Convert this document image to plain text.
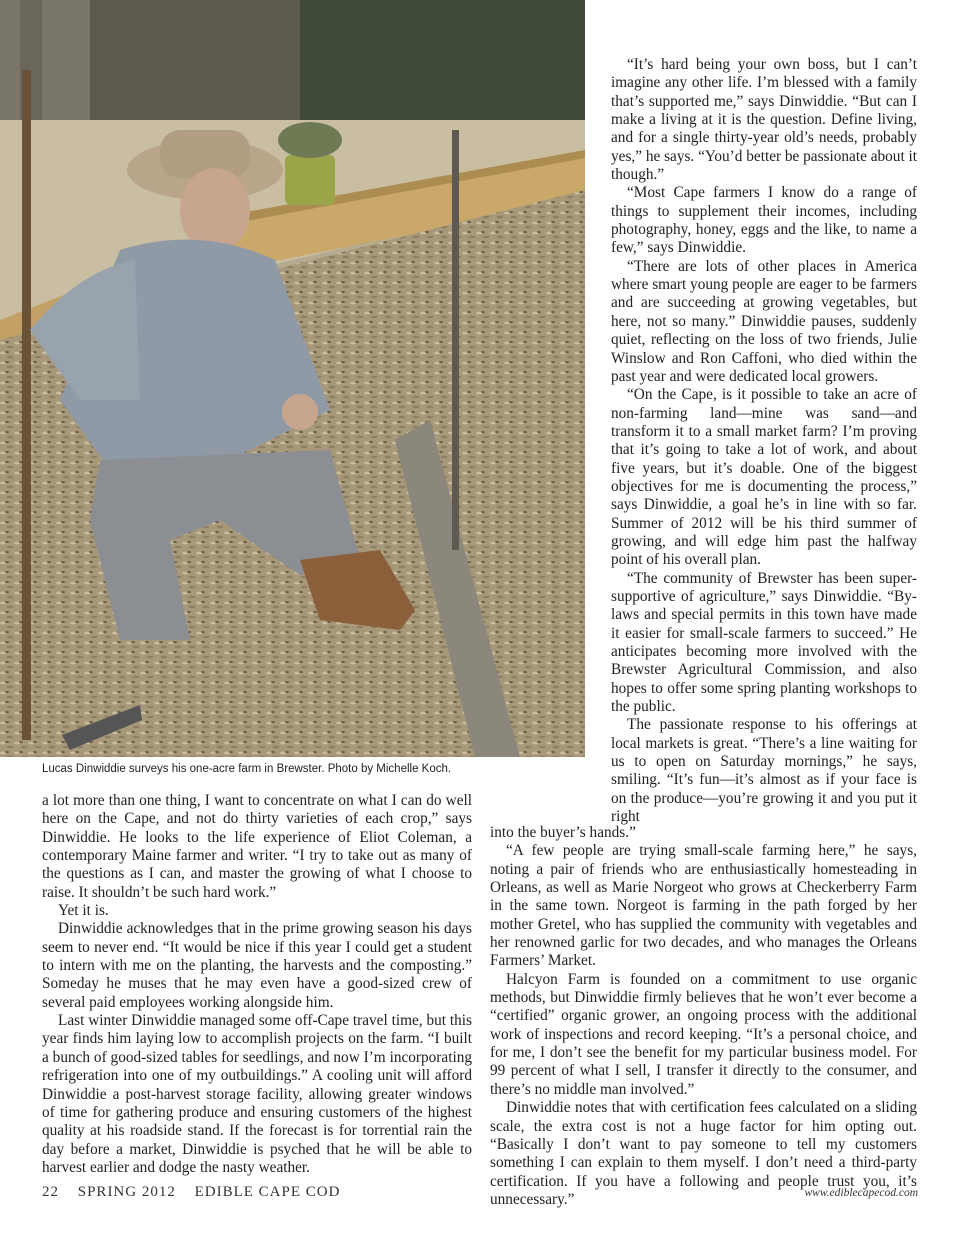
Lucas Dinwiddie surveys his one-acre farm in Brewster. Photo by Michelle Koch.

“It’s hard being your own boss, but I can’t imagine any other life. I’m blessed with a family that’s supported me,” says Dinwiddie. “But can I make a living at it is the question. Define living, and for a single thirty-year old’s needs, probably yes,” he says. “You’d better be passionate about it though.”

“Most Cape farmers I know do a range of things to supplement their incomes, including photography, honey, eggs and the like, to name a few,” says Dinwiddie.

“There are lots of other places in America where smart young people are eager to be farmers and are succeeding at growing vegetables, but here, not so many.” Dinwiddie pauses, suddenly quiet, reflecting on the loss of two friends, Julie Winslow and Ron Caffoni, who died within the past year and were dedicated local growers.

“On the Cape, is it possible to take an acre of non-farming land—mine was sand—and transform it to a small market farm? I’m proving that it’s going to take a lot of work, and about five years, but it’s doable. One of the biggest objectives for me is documenting the process,” says Dinwiddie, a goal he’s in line with so far. Summer of 2012 will be his third summer of growing, and will edge him past the halfway point of his overall plan.

“The community of Brewster has been super-supportive of agriculture,” says Dinwiddie. “By-laws and special permits in this town have made it easier for small-scale farmers to succeed.” He anticipates becoming more involved with the Brewster Agricultural Commission, and also hopes to offer some spring planting workshops to the public.

The passionate response to his offerings at local markets is great. “There’s a line waiting for us to open on Saturday mornings,” he says, smiling. “It’s fun—it’s almost as if your face is on the produce—you’re growing it and you put it right

into the buyer’s hands.”

“A few people are trying small-scale farming here,” he says, noting a pair of friends who are enthusiastically homesteading in Orleans, as well as Marie Norgeot who grows at Checkerberry Farm in the same town. Norgeot is farming in the path forged by her mother Gretel, who has supplied the community with vegetables and her renowned garlic for two decades, and who manages the Orleans Farmers’ Market.

Halcyon Farm is founded on a commitment to use organic methods, but Dinwiddie firmly believes that he won’t ever become a “certified” organic grower, an ongoing process with the additional work of inspections and record keeping. “It’s a personal choice, and for me, I don’t see the benefit for my particular business model. For 99 percent of what I sell, I transfer it directly to the consumer, and there’s no middle man involved.”

Dinwiddie notes that with certification fees calculated on a sliding scale, the extra cost is not a huge factor for him opting out. “Basically I don’t want to pay someone to tell my customers something I can explain to them myself. I don’t need a third-party certification. If you have a following and people trust you, it’s unnecessary.”

a lot more than one thing, I want to concentrate on what I can do well here on the Cape, and not do thirty varieties of each crop,” says Dinwiddie. He looks to the life experience of Eliot Coleman, a contemporary Maine farmer and writer. “I try to take out as many of the questions as I can, and master the growing of what I choose to raise. It shouldn’t be such hard work.”

Yet it is.

Dinwiddie acknowledges that in the prime growing season his days seem to never end. “It would be nice if this year I could get a student to intern with me on the planting, the harvests and the composting.” Someday he muses that he may even have a good-sized crew of several paid employees working alongside him.

Last winter Dinwiddie managed some off-Cape travel time, but this year finds him laying low to accomplish projects on the farm. “I built a bunch of good-sized tables for seedlings, and now I’m incorporating refrigeration into one of my outbuildings.” A cooling unit will afford Dinwiddie a post-harvest storage facility, allowing greater windows of time for gathering produce and ensuring customers of the highest quality at his roadside stand. If the forecast is for torrential rain the day before a market, Dinwiddie is psyched that he will be able to harvest earlier and dodge the nasty weather.

22 SPRING 2012 EDIBLE CAPE COD	www.ediblecapecod.com
